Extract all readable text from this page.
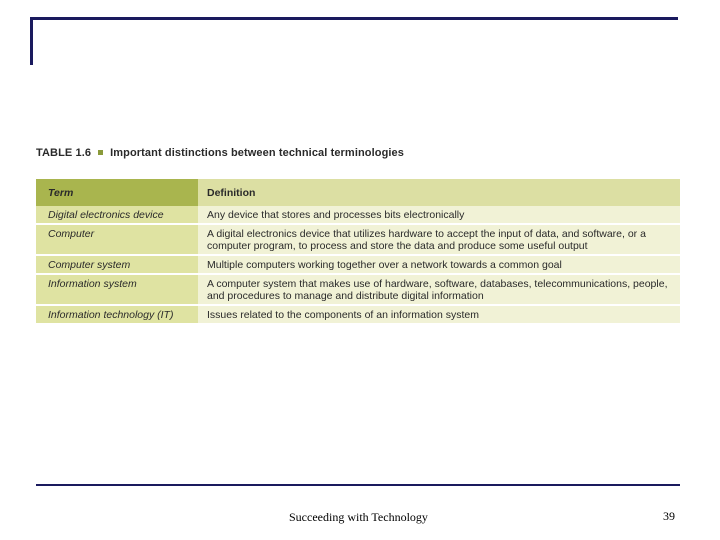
TABLE 1.6 Important distinctions between technical terminologies
Term	Definition
Digital electronics device	Any device that stores and processes bits electronically
Computer	A digital electronics device that utilizes hardware to accept the input of data, and software, or a computer program, to process and store the data and produce some useful output
Computer system	Multiple computers working together over a network towards a common goal
Information system	A computer system that makes use of hardware, software, databases, telecommunications, people, and procedures to manage and distribute digital information
Information technology (IT)	Issues related to the components of an information system
Succeeding with Technology	39
